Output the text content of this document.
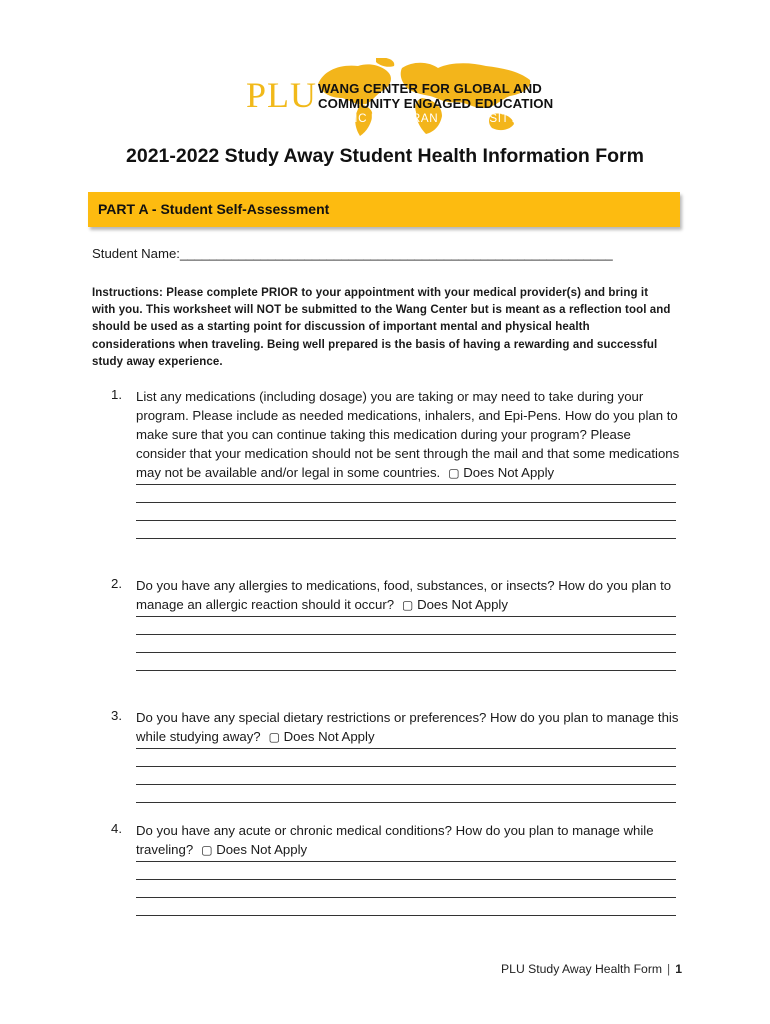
PLU WANG CENTER FOR GLOBAL AND
COMMUNITY ENGAGED EDUCATION
PACIFIC LUTHERAN UNIVERSITY
2021-2022 Study Away Student Health Information Form
PART A - Student Self-Assessment
Student Name:___________________________________________________________
Instructions: Please complete PRIOR to your appointment with your medical provider(s) and bring it with you. This worksheet will NOT be submitted to the Wang Center but is meant as a reflection tool and should be used as a starting point for discussion of important mental and physical health considerations when traveling. Being well prepared is the basis of having a rewarding and successful study away experience.
1. List any medications (including dosage) you are taking or may need to take during your program. Please include as needed medications, inhalers, and Epi-Pens. How do you plan to make sure that you can continue taking this medication during your program? Please consider that your medication should not be sent through the mail and that some medications may not be available and/or legal in some countries. ▢ Does Not Apply
2. Do you have any allergies to medications, food, substances, or insects? How do you plan to manage an allergic reaction should it occur? ▢ Does Not Apply
3. Do you have any special dietary restrictions or preferences? How do you plan to manage this while studying away? ▢ Does Not Apply
4. Do you have any acute or chronic medical conditions? How do you plan to manage while traveling? ▢ Does Not Apply
PLU Study Away Health Form | 1
